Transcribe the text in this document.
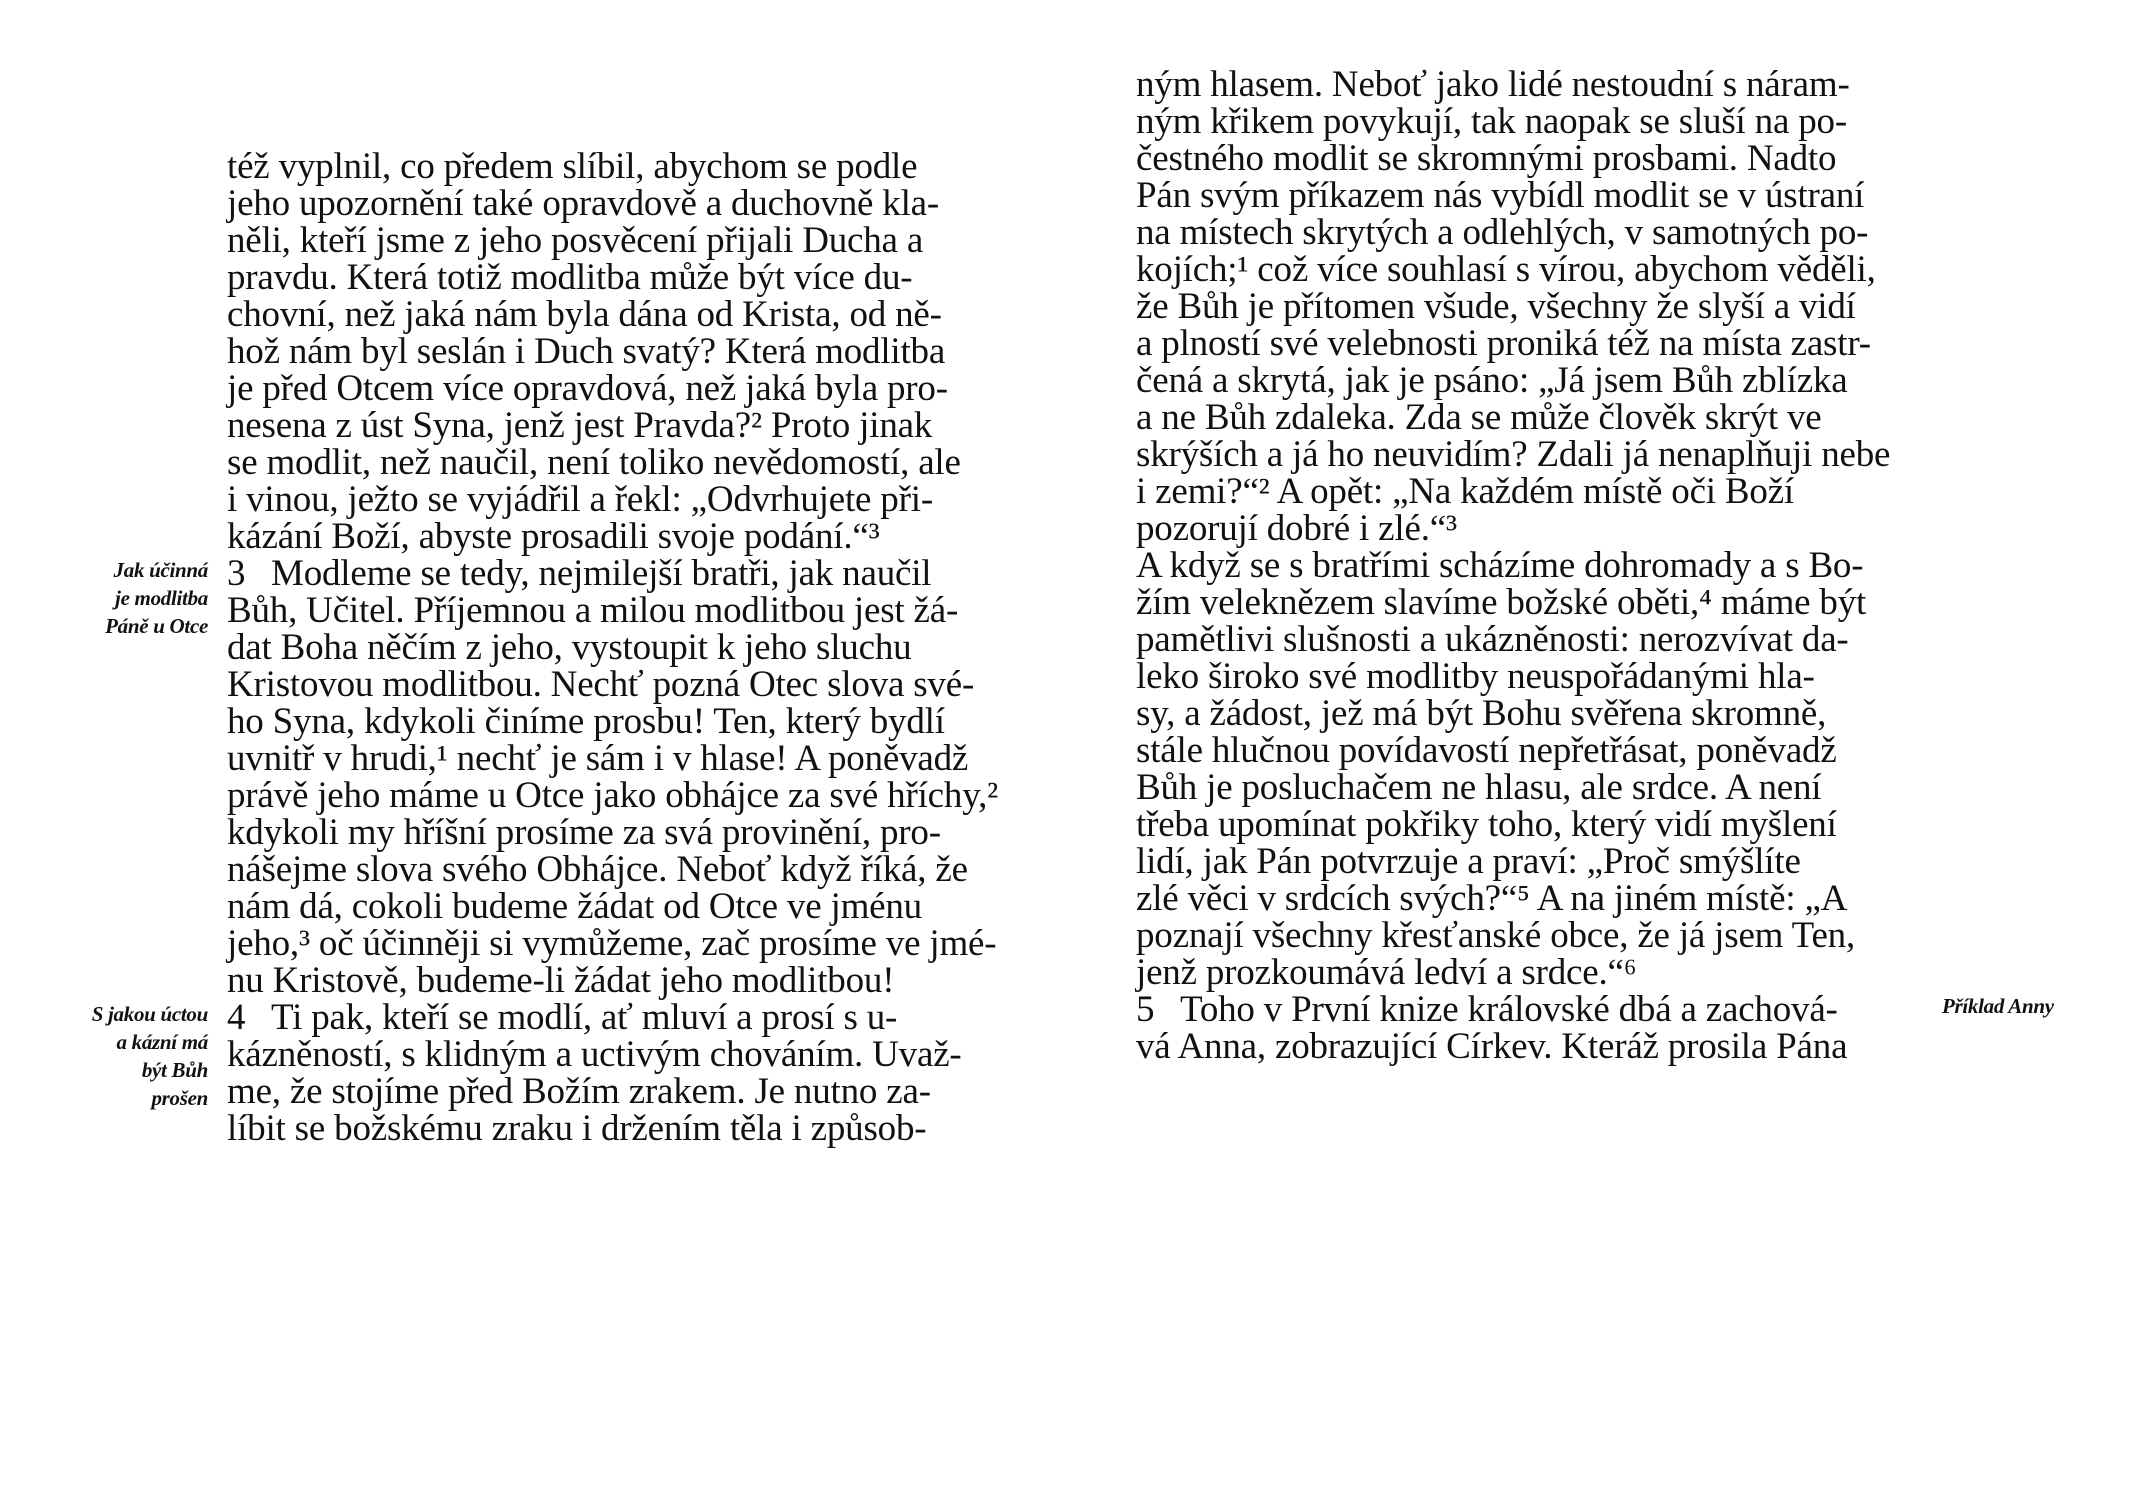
též vyplnil, co předem slíbil, abychom se podle
jeho upozornění také opravdově a duchovně kla-
něli, kteří jsme z jeho posvěcení přijali Ducha a
pravdu. Která totiž modlitba může být více du-
chovní, než jaká nám byla dána od Krista, od ně-
hož nám byl seslán i Duch svatý? Která modlitba
je před Otcem více opravdová, než jaká byla pro-
nesena z úst Syna, jenž jest Pravda?² Proto jinak
se modlit, než naučil, není toliko nevědomostí, ale
i vinou, ježto se vyjádřil a řekl: „Odvrhujete při-
kázání Boží, abyste prosadili svoje podání.“³
3 Modleme se tedy, nejmilejší bratři, jak naučil
Bůh, Učitel. Příjemnou a milou modlitbou jest žá-
dat Boha něčím z jeho, vystoupit k jeho sluchu
Kristovou modlitbou. Nechť pozná Otec slova své-
ho Syna, kdykoli činíme prosbu! Ten, který bydlí
uvnitř v hrudi,¹ nechť je sám i v hlase! A poněvadž
právě jeho máme u Otce jako obhájce za své hříchy,²
kdykoli my hříšní prosíme za svá provinění, pro-
nášejme slova svého Obhájce. Neboť když říká, že
nám dá, cokoli budeme žádat od Otce ve jménu
jeho,³ oč účinněji si vymůžeme, zač prosíme ve jmé-
nu Kristově, budeme-li žádat jeho modlitbou!
4 Ti pak, kteří se modlí, ať mluví a prosí s u-
kázněností, s klidným a uctivým chováním. Uvaž-
me, že stojíme před Božím zrakem. Je nutno za-
líbit se božskému zraku i držením těla i způsob-
ným hlasem. Neboť jako lidé nestoudní s náram-
ným křikem povykují, tak naopak se sluší na po-
čestného modlit se skromnými prosbami. Nadto
Pán svým příkazem nás vybídl modlit se v ústraní
na místech skrytých a odlehlých, v samotných po-
kojích;¹ což více souhlasí s vírou, abychom věděli,
že Bůh je přítomen všude, všechny že slyší a vidí
a plností své velebnosti proniká též na místa zastr-
čená a skrytá, jak je psáno: „Já jsem Bůh zblízka
a ne Bůh zdaleka. Zda se může člověk skrýt ve
skrýších a já ho neuvidím? Zdali já nenaplňuji nebe
i zemi?“² A opět: „Na každém místě oči Boží
pozorují dobré i zlé.“³
A když se s bratřími scházíme dohromady a s Bo-
žím veleknězem slavíme božské oběti,⁴ máme být
pamětlivi slušnosti a ukázněnosti: nerozvívat da-
leko široko své modlitby neuspořádanými hla-
sy, a žádost, jež má být Bohu svěřena skromně,
stále hlučnou povídavostí nepřetřásat, poněvadž
Bůh je posluchačem ne hlasu, ale srdce. A není
třeba upomínat pokřiky toho, který vidí myšlení
lidí, jak Pán potvrzuje a praví: „Proč smýšlíte
zlé věci v srdcích svých?“⁵ A na jiném místě: „A
poznají všechny křesťanské obce, že já jsem Ten,
jenž prozkoumává ledví a srdce.“⁶
5 Toho v První knize královské dbá a zachová-
vá Anna, zobrazující Církev. Kteráž prosila Pána
Jak účinná
je modlitba
Páně u Otce
S jakou úctou
a kázní má
být Bůh
prošen
Příklad Anny
